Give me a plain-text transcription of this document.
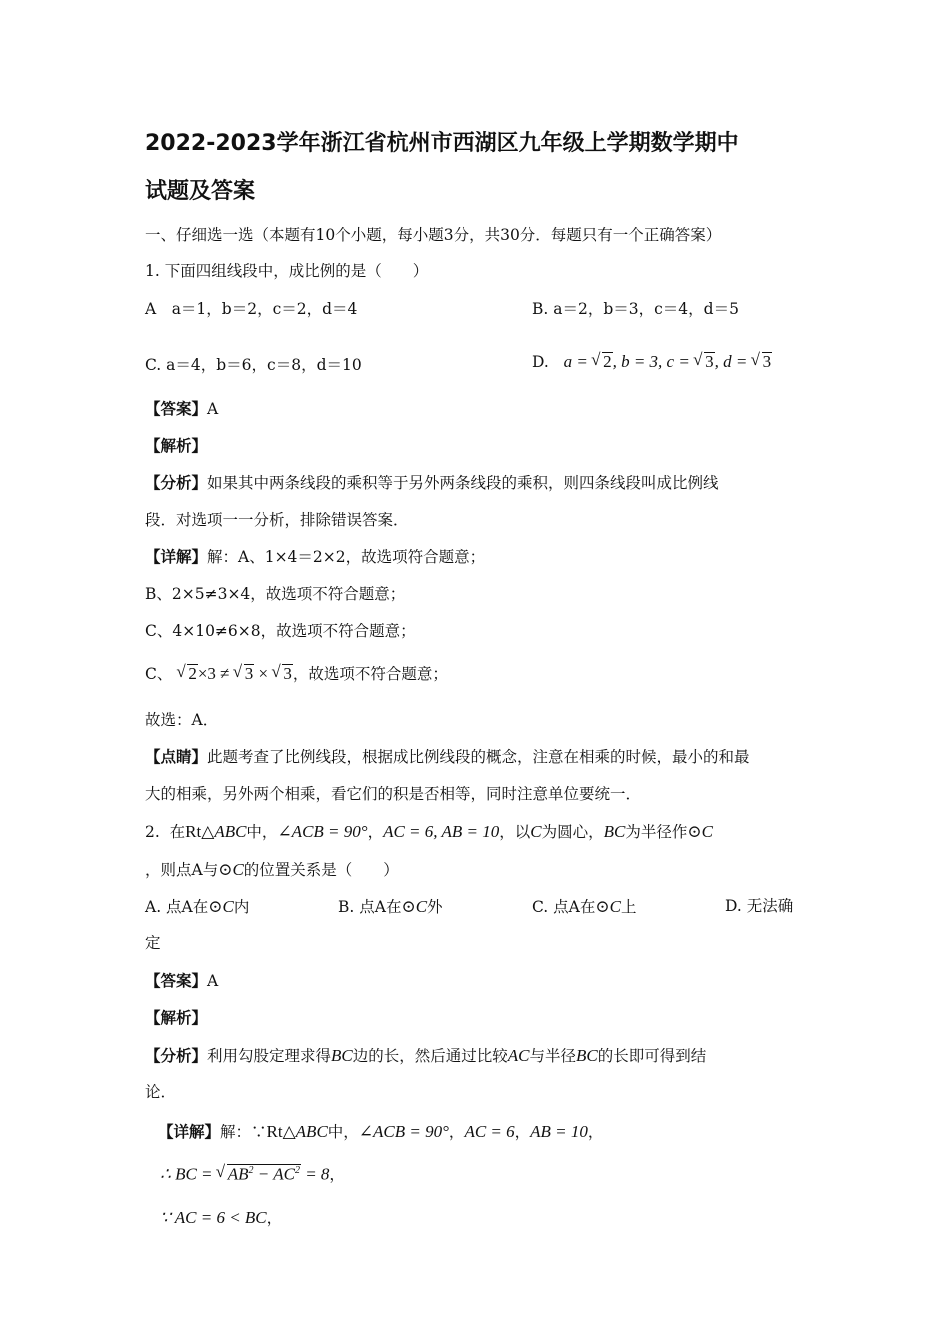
2022-2023学年浙江省杭州市西湖区九年级上学期数学期中
试题及答案
一、仔细选一选（本题有10个小题，每小题3分，共30分．每题只有一个正确答案）
1. 下面四组线段中，成比例的是（　　）
A　a＝1，b＝2，c＝2，d＝4	B. a＝2，b＝3，c＝4，d＝5
C. a＝4，b＝6，c＝8，d＝10	D. a = √ 2, b = 3, c = √ 3, d = √ 3
【答案】A
【解析】
【分析】如果其中两条线段的乘积等于另外两条线段的乘积，则四条线段叫成比例线
段．对选项一一分析，排除错误答案．
【详解】解：A、1×4＝2×2，故选项符合题意；
B、2×5≠3×4，故选项不符合题意；
C、4×10≠6×8，故选项不符合题意；
C、 √ 2×3 ≠ √ 3 × √ 3，故选项不符合题意；
故选：A．
【点睛】此题考查了比例线段，根据成比例线段的概念，注意在相乘的时候，最小的和最
大的相乘，另外两个相乘，看它们的积是否相等，同时注意单位要统一．
2. 在Rt△ABC中，∠ACB = 90°，AC = 6, AB = 10，以C为圆心，BC为半径作⊙C
，则点A与⊙C的位置关系是（　　）
A. 点A在⊙C内	B. 点A在⊙C外	C. 点A在⊙C上	D. 无法确
定
【答案】A
【解析】
【分析】利用勾股定理求得BC边的长，然后通过比较AC与半径BC的长即可得到结
论．
【详解】解：∵Rt△ABC中，∠ACB = 90°，AC = 6，AB = 10，
∴ BC = √ $AB^2 - AC^2 = 8$，
∵ AC = 6 < BC，
